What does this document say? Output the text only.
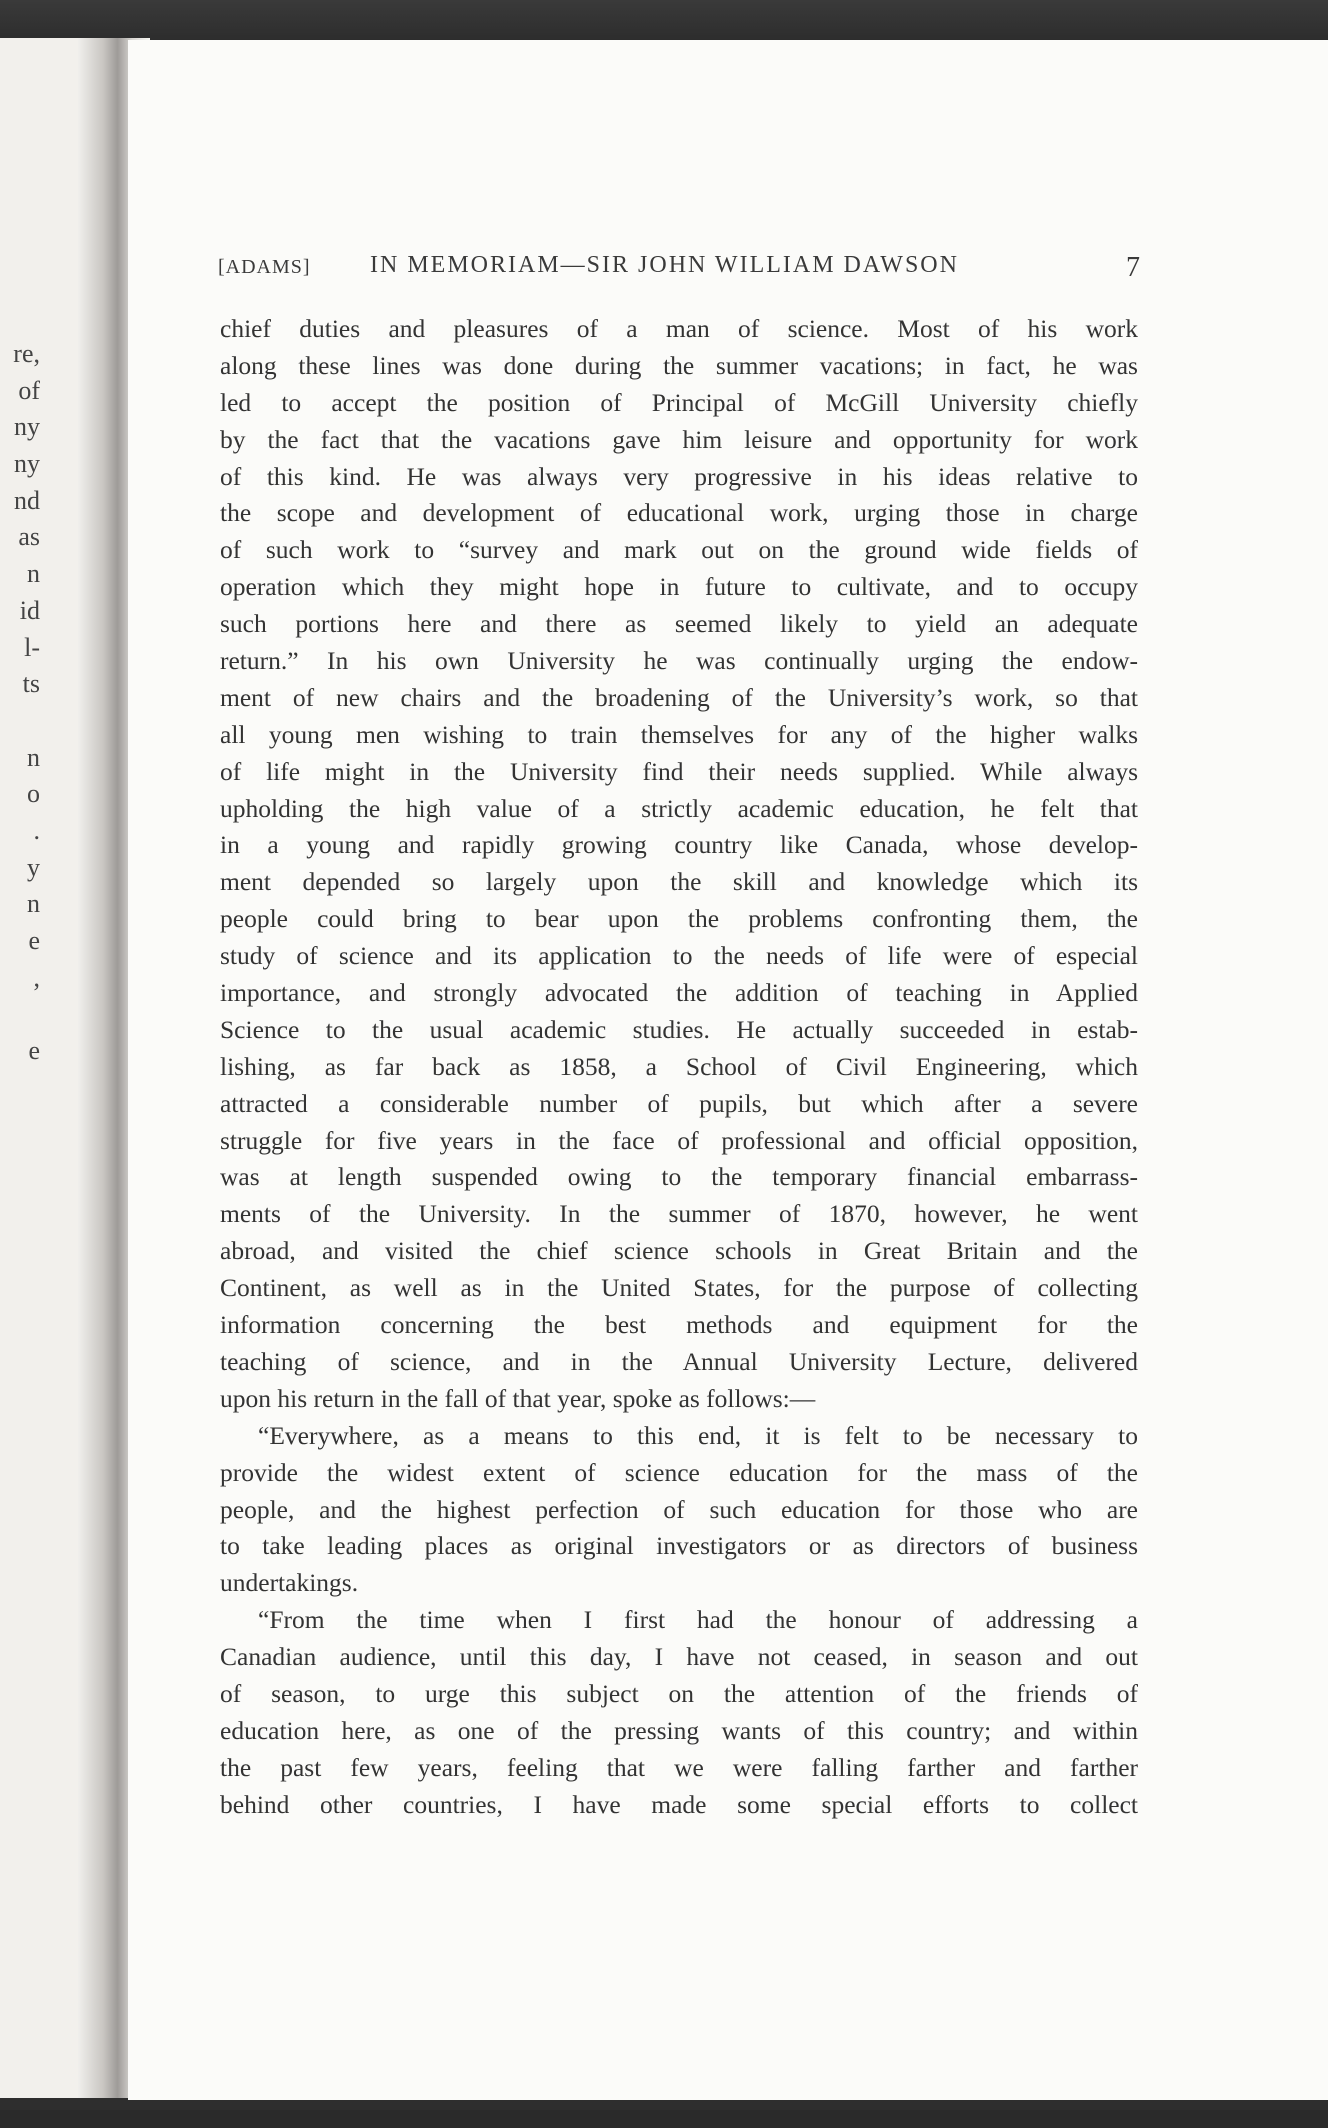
re,
of
ny
ny
nd
as
n
id
l-
ts
n
o
.
y
n
e
,
e
[ADAMS] IN MEMORIAM—SIR JOHN WILLIAM DAWSON	7
chief duties and pleasures of a man of science. Most of his work
along these lines was done during the summer vacations; in fact, he was
led to accept the position of Principal of McGill University chiefly
by the fact that the vacations gave him leisure and opportunity for work
of this kind. He was always very progressive in his ideas relative to
the scope and development of educational work, urging those in charge
of such work to “survey and mark out on the ground wide fields of
operation which they might hope in future to cultivate, and to occupy
such portions here and there as seemed likely to yield an adequate
return.” In his own University he was continually urging the endow-
ment of new chairs and the broadening of the University’s work, so that
all young men wishing to train themselves for any of the higher walks
of life might in the University find their needs supplied. While always
upholding the high value of a strictly academic education, he felt that
in a young and rapidly growing country like Canada, whose develop-
ment depended so largely upon the skill and knowledge which its
people could bring to bear upon the problems confronting them, the
study of science and its application to the needs of life were of especial
importance, and strongly advocated the addition of teaching in Applied
Science to the usual academic studies. He actually succeeded in estab-
lishing, as far back as 1858, a School of Civil Engineering, which
attracted a considerable number of pupils, but which after a severe
struggle for five years in the face of professional and official opposition,
was at length suspended owing to the temporary financial embarrass-
ments of the University. In the summer of 1870, however, he went
abroad, and visited the chief science schools in Great Britain and the
Continent, as well as in the United States, for the purpose of collecting
information concerning the best methods and equipment for the
teaching of science, and in the Annual University Lecture, delivered
upon his return in the fall of that year, spoke as follows:—
“Everywhere, as a means to this end, it is felt to be necessary to
provide the widest extent of science education for the mass of the
people, and the highest perfection of such education for those who are
to take leading places as original investigators or as directors of business
undertakings.
“From the time when I first had the honour of addressing a
Canadian audience, until this day, I have not ceased, in season and out
of season, to urge this subject on the attention of the friends of
education here, as one of the pressing wants of this country; and within
the past few years, feeling that we were falling farther and farther
behind other countries, I have made some special efforts to collect
